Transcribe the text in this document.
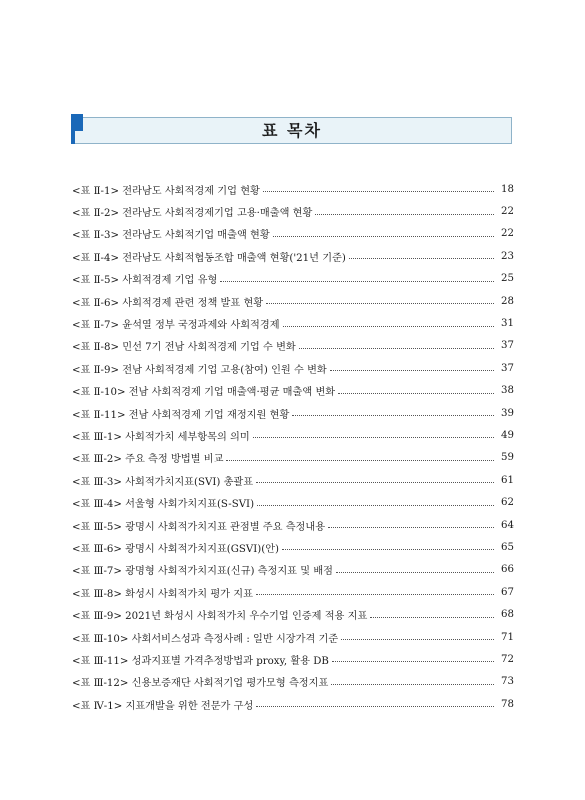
표 목차
<표 Ⅱ-1> 전라남도 사회적경제 기업 현황	18
<표 Ⅱ-2> 전라남도 사회적경제기업 고용·매출액 현황	22
<표 Ⅱ-3> 전라남도 사회적기업 매출액 현황	22
<표 Ⅱ-4> 전라남도 사회적협동조합 매출액 현황('21년 기준)	23
<표 Ⅱ-5> 사회적경제 기업 유형	25
<표 Ⅱ-6> 사회적경제 관련 정책 발표 현황	28
<표 Ⅱ-7> 윤석열 정부 국정과제와 사회적경제	31
<표 Ⅱ-8> 민선 7기 전남 사회적경제 기업 수 변화	37
<표 Ⅱ-9> 전남 사회적경제 기업 고용(참여) 인원 수 변화	37
<표 Ⅱ-10> 전남 사회적경제 기업 매출액·평균 매출액 변화	38
<표 Ⅱ-11> 전남 사회적경제 기업 재정지원 현황	39
<표 Ⅲ-1> 사회적가치 세부항목의 의미	49
<표 Ⅲ-2> 주요 측정 방법별 비교	59
<표 Ⅲ-3> 사회적가치지표(SVI) 총괄표	61
<표 Ⅲ-4> 서울형 사회가치지표(S-SVI)	62
<표 Ⅲ-5> 광명시 사회적가치지표 관점별 주요 측정내용	64
<표 Ⅲ-6> 광명시 사회적가치지표(GSVI)(안)	65
<표 Ⅲ-7> 광명형 사회적가치지표(신규) 측정지표 및 배점	66
<표 Ⅲ-8> 화성시 사회적가치 평가 지표	67
<표 Ⅲ-9> 2021년 화성시 사회적가치 우수기업 인증제 적용 지표	68
<표 Ⅲ-10> 사회서비스성과 측정사례 : 일반 시장가격 기준	71
<표 Ⅲ-11> 성과지표별 가격추정방법과 proxy, 활용 DB	72
<표 Ⅲ-12> 신용보증재단 사회적기업 평가모형 측정지표	73
<표 Ⅳ-1> 지표개발을 위한 전문가 구성	78
